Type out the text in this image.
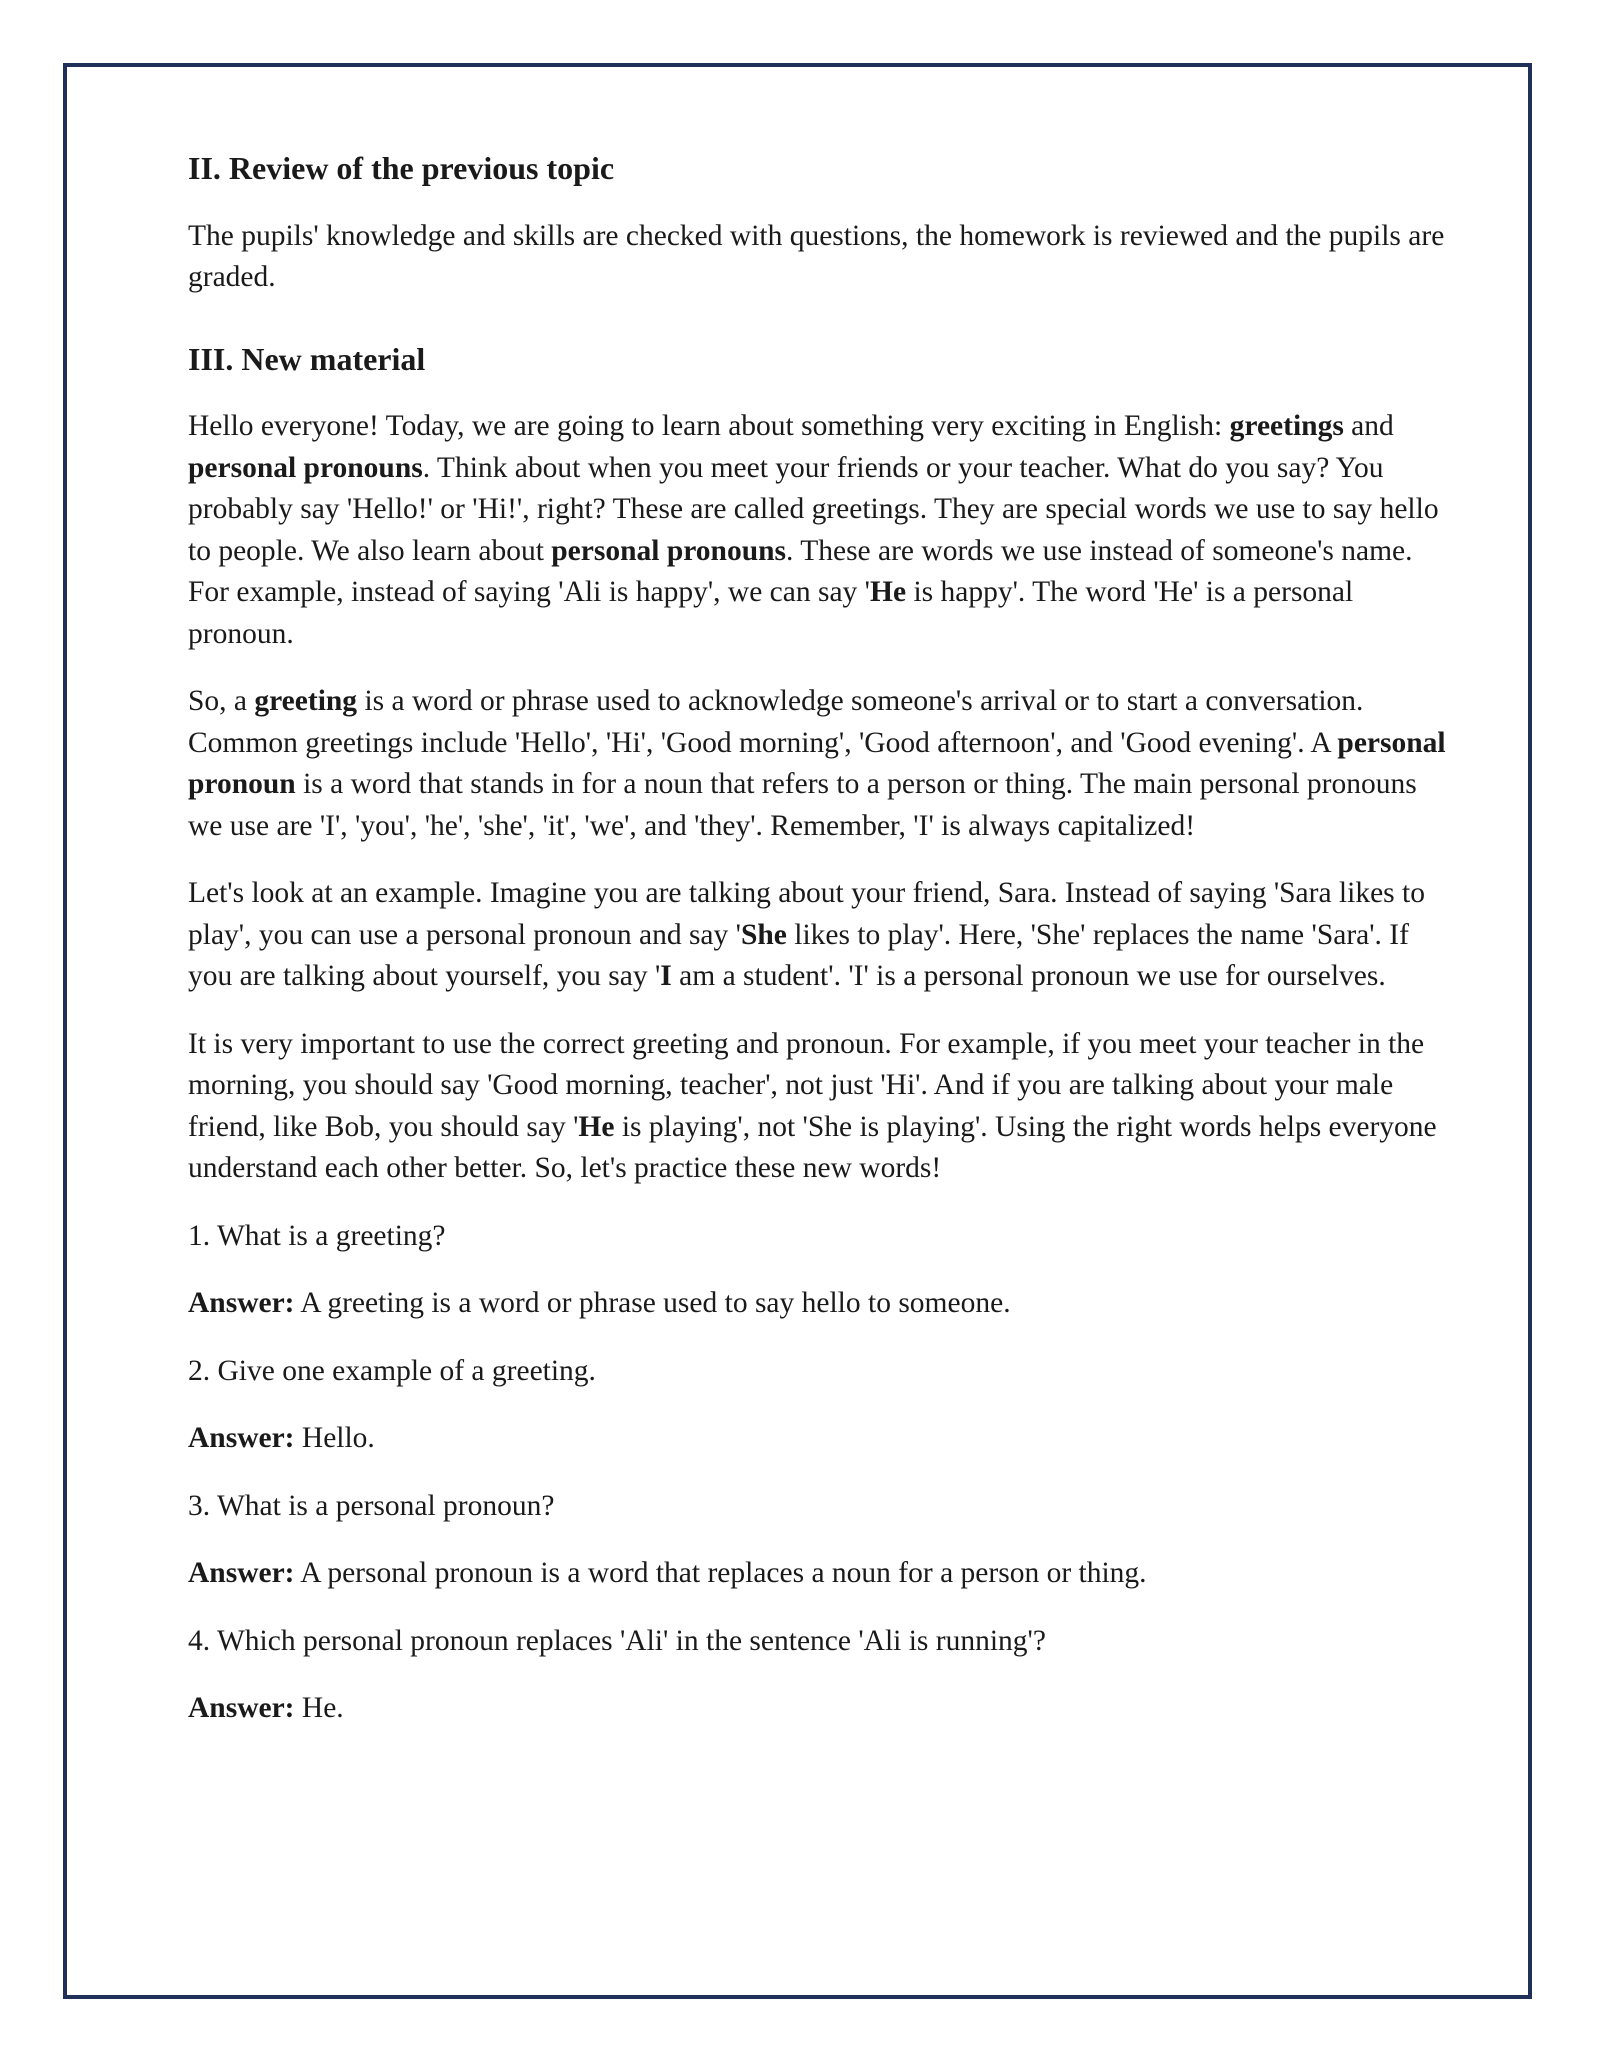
II. Review of the previous topic

The pupils' knowledge and skills are checked with questions, the homework is reviewed and the pupils are graded.

III. New material

Hello everyone! Today, we are going to learn about something very exciting in English: greetings and personal pronouns. Think about when you meet your friends or your teacher. What do you say? You probably say 'Hello!' or 'Hi!', right? These are called greetings. They are special words we use to say hello to people. We also learn about personal pronouns. These are words we use instead of someone's name. For example, instead of saying 'Ali is happy', we can say 'He is happy'. The word 'He' is a personal pronoun.

So, a greeting is a word or phrase used to acknowledge someone's arrival or to start a conversation. Common greetings include 'Hello', 'Hi', 'Good morning', 'Good afternoon', and 'Good evening'. A personal pronoun is a word that stands in for a noun that refers to a person or thing. The main personal pronouns we use are 'I', 'you', 'he', 'she', 'it', 'we', and 'they'. Remember, 'I' is always capitalized!

Let's look at an example. Imagine you are talking about your friend, Sara. Instead of saying 'Sara likes to play', you can use a personal pronoun and say 'She likes to play'. Here, 'She' replaces the name 'Sara'. If you are talking about yourself, you say 'I am a student'. 'I' is a personal pronoun we use for ourselves.

It is very important to use the correct greeting and pronoun. For example, if you meet your teacher in the morning, you should say 'Good morning, teacher', not just 'Hi'. And if you are talking about your male friend, like Bob, you should say 'He is playing', not 'She is playing'. Using the right words helps everyone understand each other better. So, let's practice these new words!

1. What is a greeting?

Answer: A greeting is a word or phrase used to say hello to someone.

2. Give one example of a greeting.

Answer: Hello.

3. What is a personal pronoun?

Answer: A personal pronoun is a word that replaces a noun for a person or thing.

4. Which personal pronoun replaces 'Ali' in the sentence 'Ali is running'?

Answer: He.
